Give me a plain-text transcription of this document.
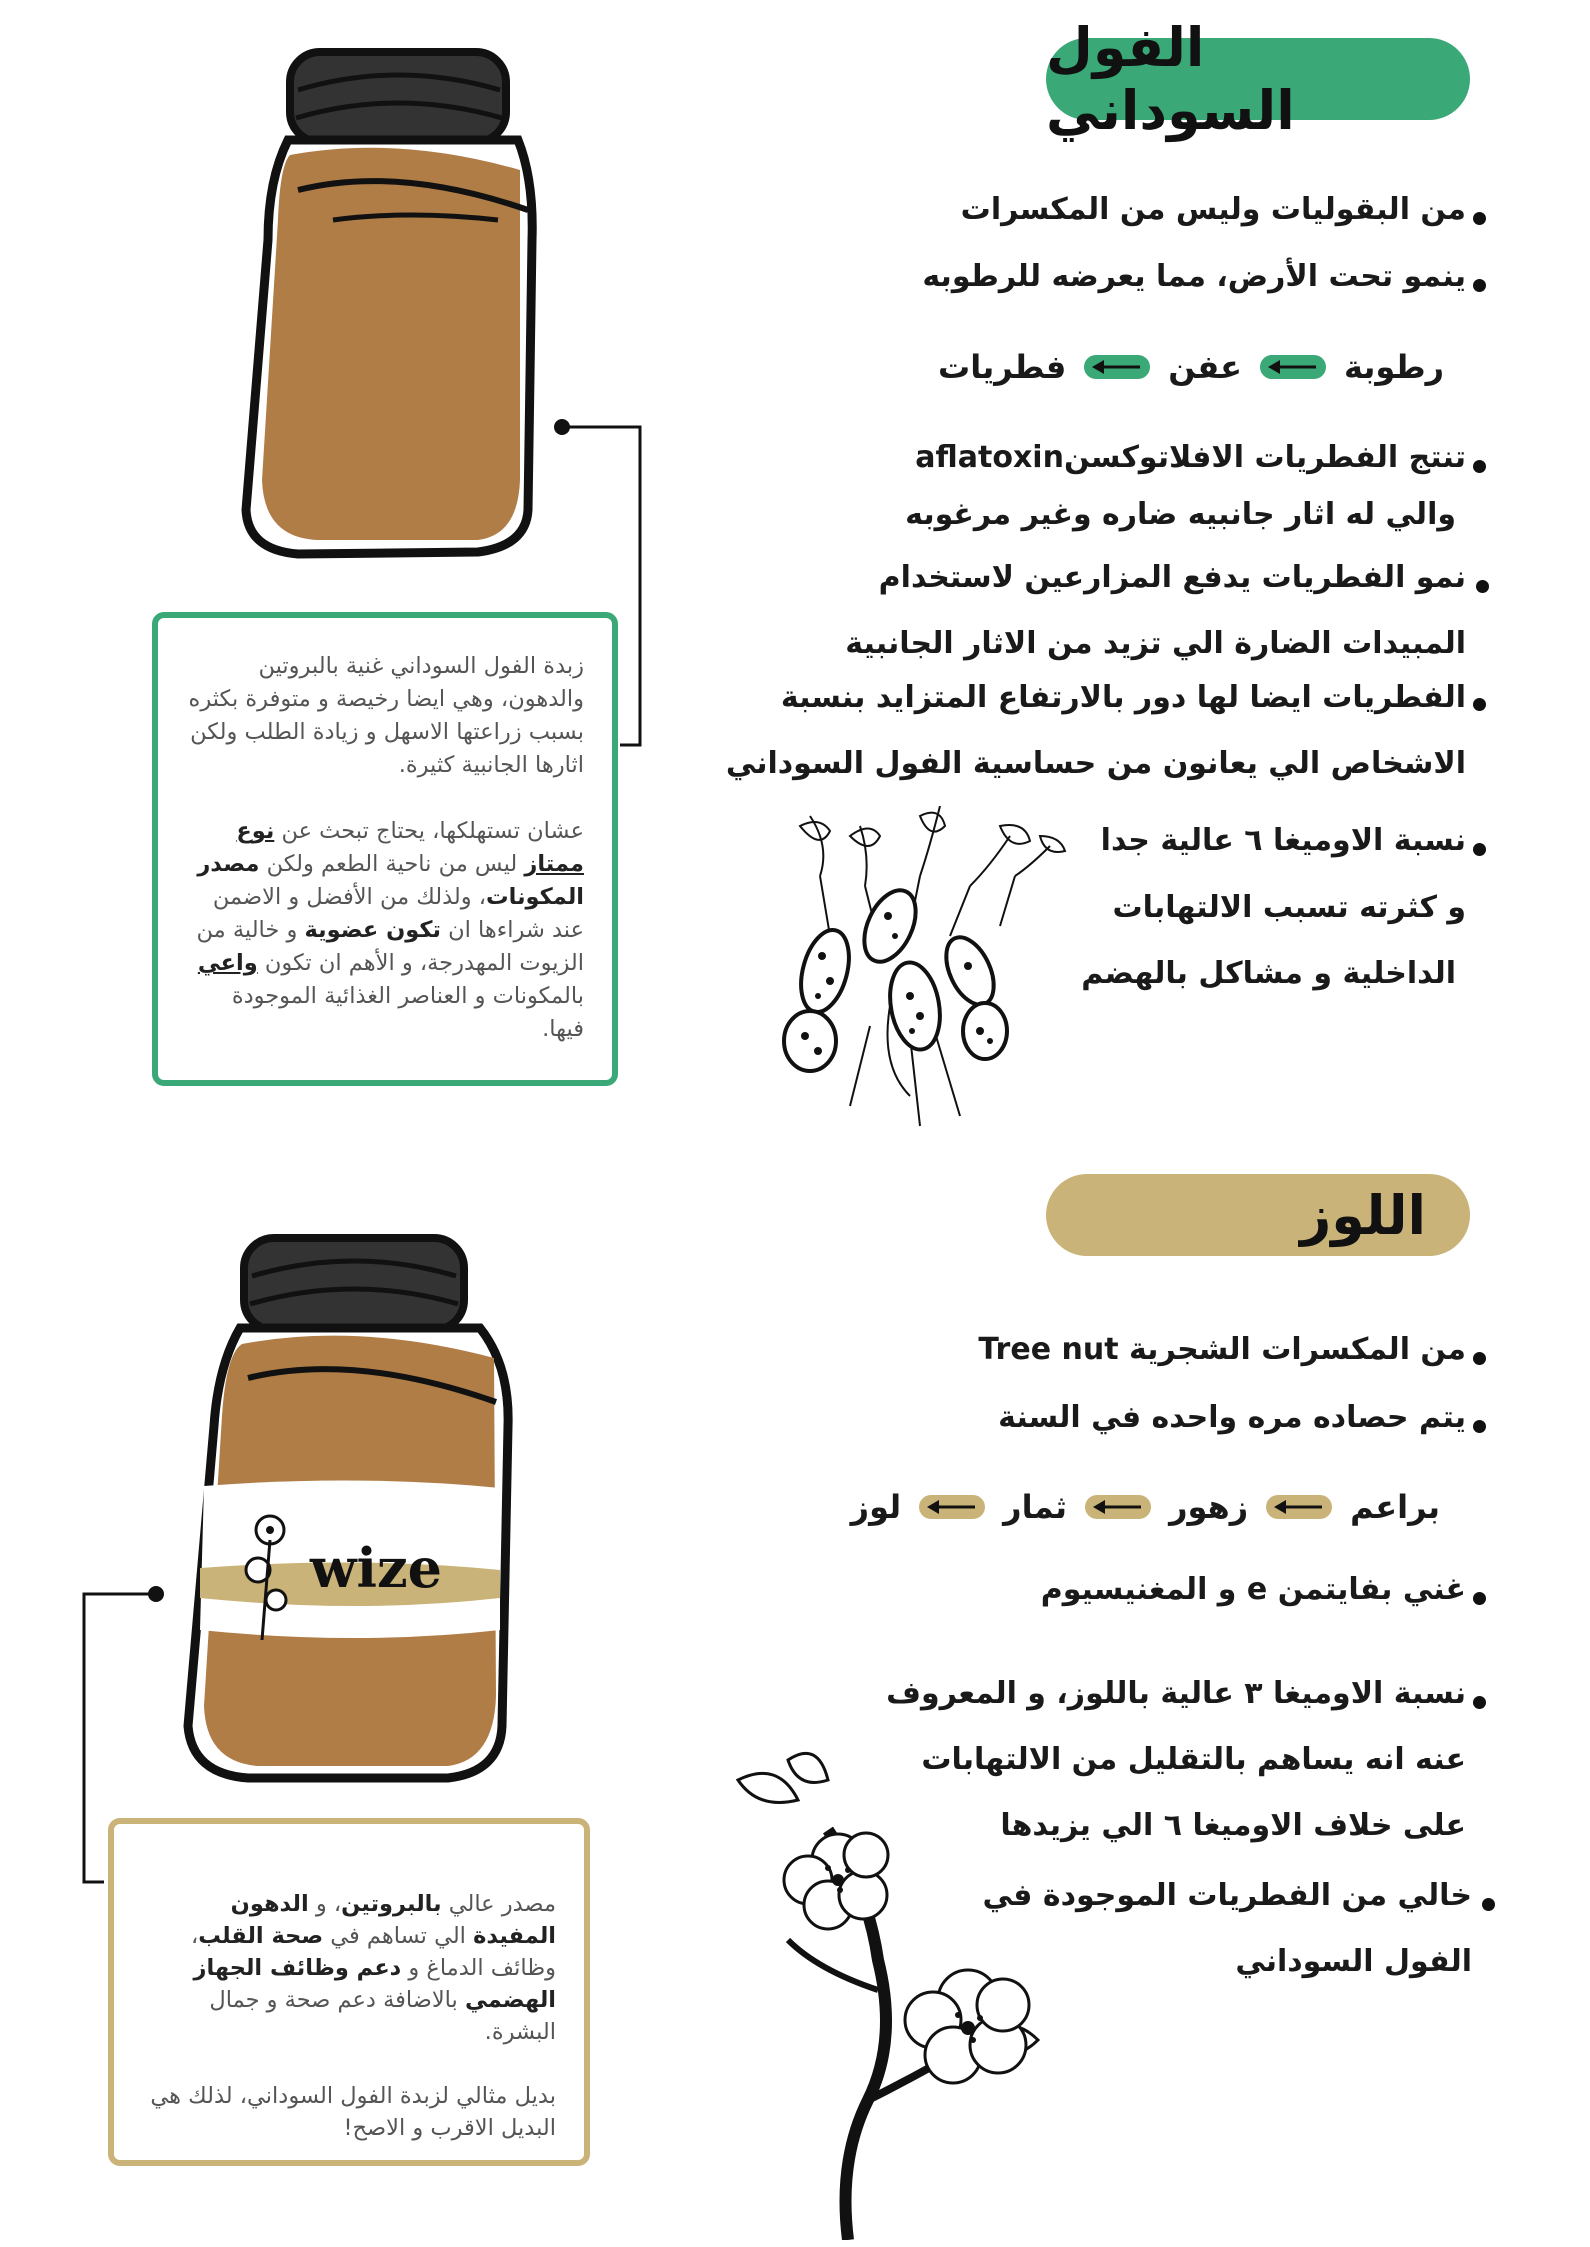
الفول السوداني
من البقوليات وليس من المكسرات
ينمو تحت الأرض، مما يعرضه للرطوبه
رطوبة
عفن
فطريات
تنتج الفطريات الافلاتوكسنaflatoxin
والي له اثار جانبيه ضاره وغير مرغوبه
نمو الفطريات يدفع المزارعين لاستخدام
المبيدات الضارة الي تزيد من الاثار الجانبية
الفطريات ايضا لها دور بالارتفاع المتزايد بنسبة
الاشخاص الي يعانون من حساسية الفول السوداني
نسبة الاوميغا ٦ عالية جدا
و كثرته تسبب الالتهابات
الداخلية و مشاكل بالهضم

زبدة الفول السوداني غنية بالبروتين والدهون، وهي ايضا رخيصة و متوفرة بكثره بسبب زراعتها الاسهل و زيادة الطلب ولكن اثارها الجانبية كثيرة.

عشان تستهلكها، يحتاج تبحث عن نوع ممتاز ليس من ناحية الطعم ولكن مصدر المكونات، ولذلك من الأفضل و الاضمن عند شراءها ان تكون عضوية و خالية من الزيوت المهدرجة، و الأهم ان تكون واعي بالمكونات و العناصر الغذائية الموجودة فيها.

اللوز
من المكسرات الشجرية Tree nut
يتم حصاده مره واحده في السنة
براعم
زهور
ثمار
لوز
غني بفايتمن e و المغنيسيوم
نسبة الاوميغا ٣ عالية باللوز، و المعروف
عنه انه يساهم بالتقليل من الالتهابات
على خلاف الاوميغا ٦ الي يزيدها
خالي من الفطريات الموجودة في
الفول السوداني
wize

مصدر عالي بالبروتين، و الدهون المفيدة الي تساهم في صحة القلب، وظائف الدماغ و دعم وظائف الجهاز الهضمي بالاضافة دعم صحة و جمال البشرة.

بديل مثالي لزبدة الفول السوداني، لذلك هي البديل الاقرب و الاصح!
